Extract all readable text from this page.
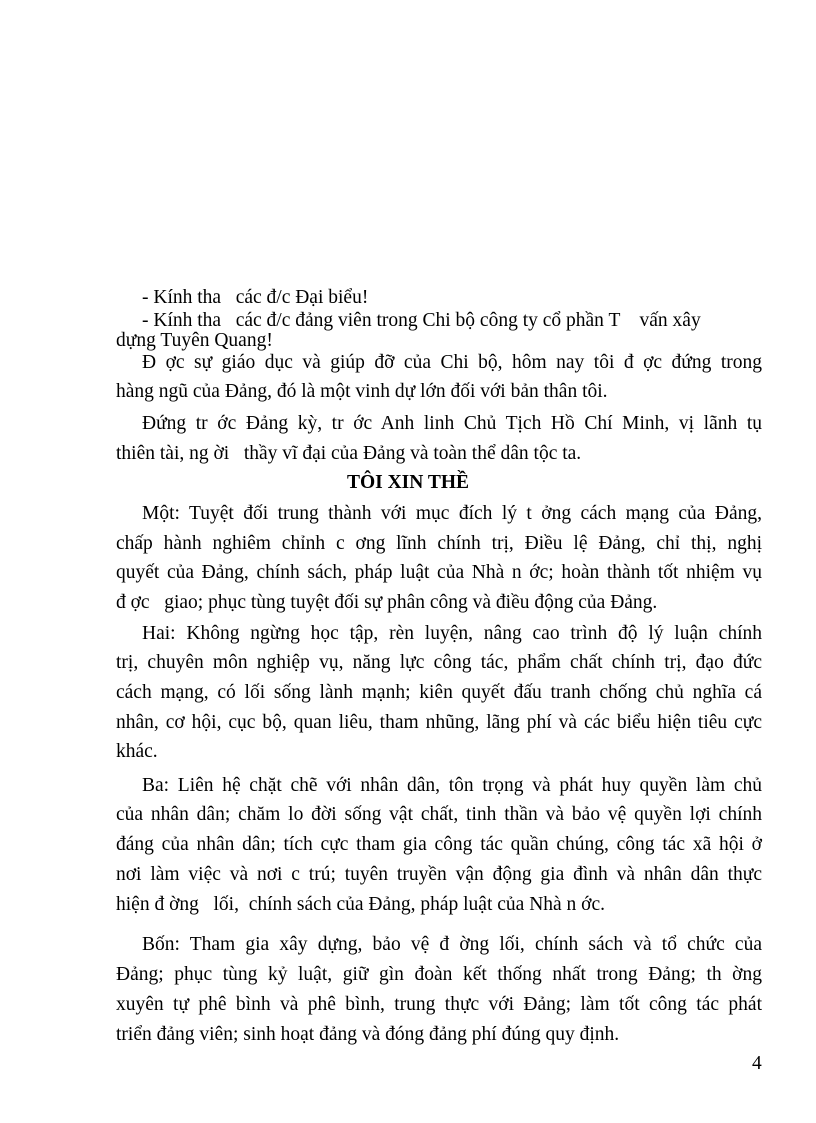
- Kính tha   các đ/c Đại biểu!

- Kính tha   các đ/c đảng viên trong Chi bộ công ty cổ phần T    vấn xây

dựng Tuyên Quang!

Đ ợc sự giáo dục và giúp đỡ của Chi bộ, hôm nay tôi đ ợc đứng trong

hàng ngũ của Đảng, đó là một vinh dự lớn đối với bản thân tôi.

Đứng tr ớc Đảng kỳ, tr ớc Anh linh Chủ Tịch Hồ Chí Minh, vị lãnh tụ

thiên tài, ng ời   thầy vĩ đại của Đảng và toàn thể dân tộc ta.

TÔI XIN THỀ

Một: Tuyệt đối trung thành với mục đích lý t ởng cách mạng của Đảng,

chấp hành nghiêm chỉnh c ơng lĩnh chính trị, Điều lệ Đảng, chỉ thị, nghị

quyết của Đảng, chính sách, pháp luật của Nhà n ớc; hoàn thành tốt nhiệm vụ

đ ợc   giao; phục tùng tuyệt đối sự phân công và điều động của Đảng.

Hai: Không ngừng học tập, rèn luyện, nâng cao trình độ lý luận chính

trị, chuyên môn nghiệp vụ, năng lực công tác, phẩm chất chính trị, đạo đức

cách mạng, có lối sống lành mạnh; kiên quyết đấu tranh chống chủ nghĩa cá

nhân, cơ hội, cục bộ, quan liêu, tham nhũng, lãng phí và các biểu hiện tiêu cực

khác.

Ba: Liên hệ chặt chẽ với nhân dân, tôn trọng và phát huy quyền làm chủ

của nhân dân; chăm lo đời sống vật chất, tinh thần và bảo vệ quyền lợi chính

đáng của nhân dân; tích cực tham gia công tác quần chúng, công tác xã hội ở

nơi làm việc và nơi c trú; tuyên truyền vận động gia đình và nhân dân thực

hiện đ ờng   lối,  chính sách của Đảng, pháp luật của Nhà n ớc.

Bốn: Tham gia xây dựng, bảo vệ đ ờng lối, chính sách và tổ chức của

Đảng; phục tùng kỷ luật, giữ gìn đoàn kết thống nhất trong Đảng; th ờng

xuyên tự phê bình và phê bình, trung thực với Đảng; làm tốt công tác phát

triển đảng viên; sinh hoạt đảng và đóng đảng phí đúng quy định.

4
